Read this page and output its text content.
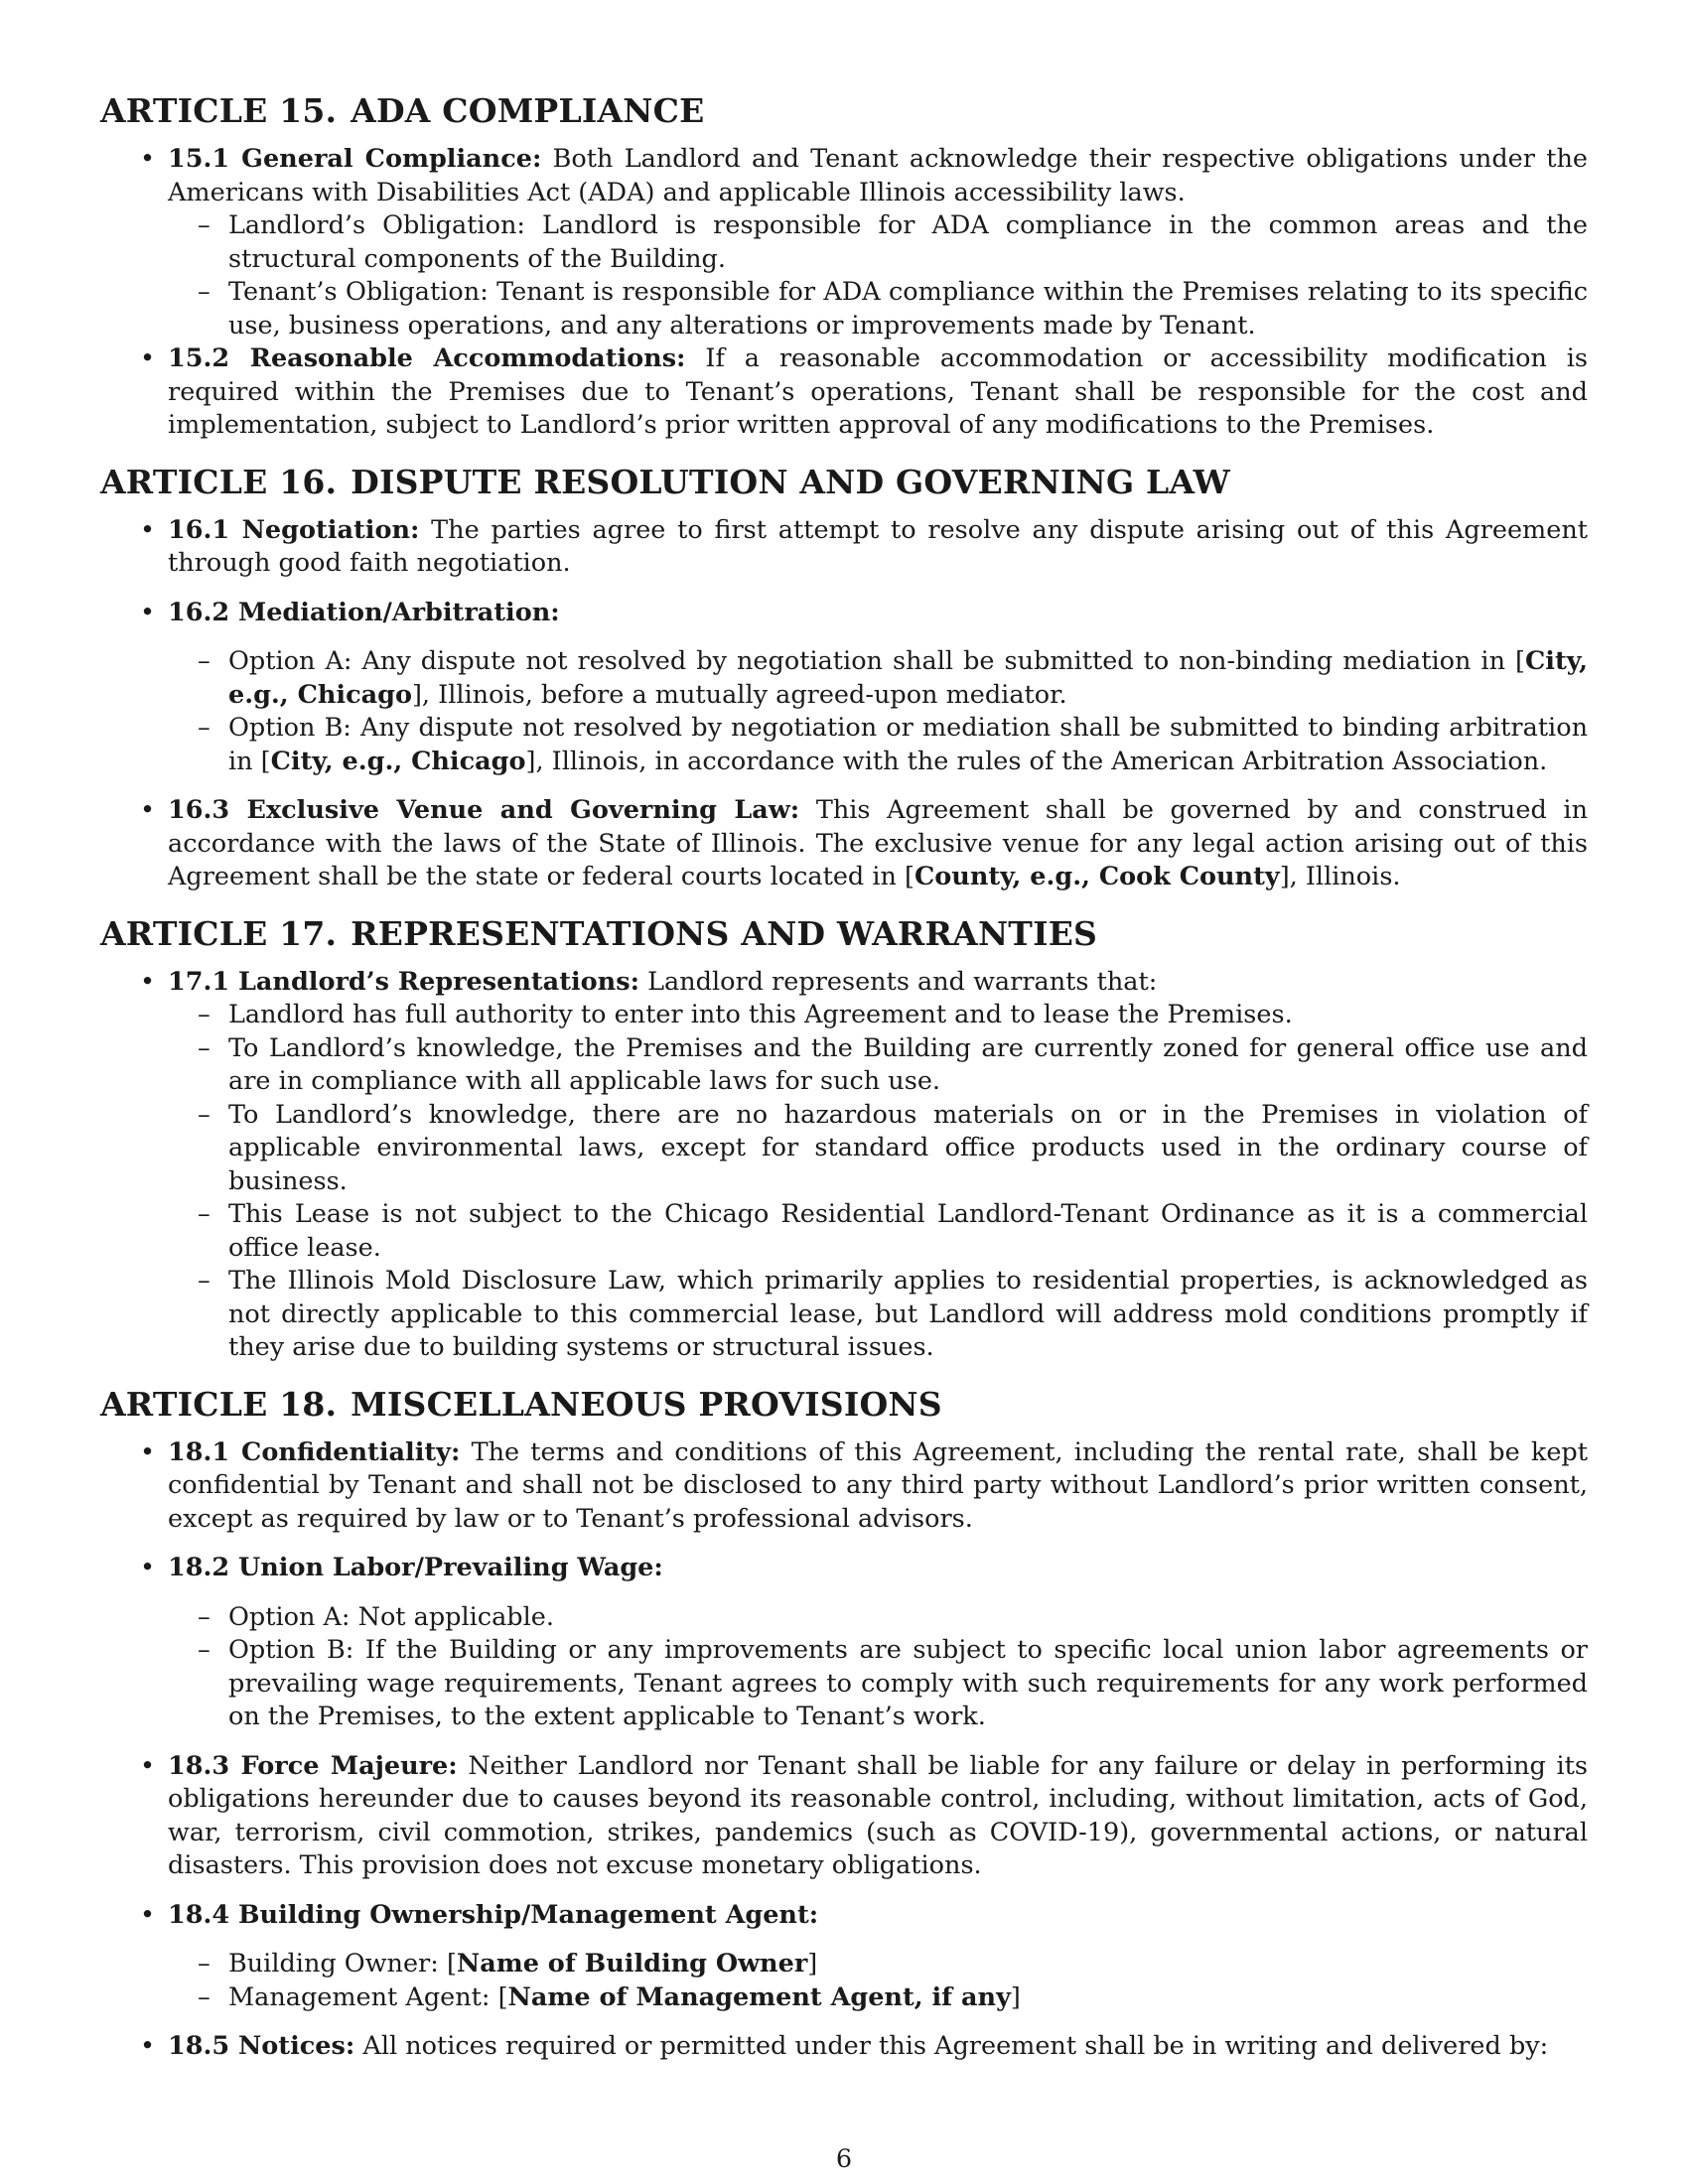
ARTICLE 15. ADA COMPLIANCE
• 15.1 General Compliance: Both Landlord and Tenant acknowledge their respective obligations under the Americans with Disabilities Act (ADA) and applicable Illinois accessibility laws.
– Landlord’s Obligation: Landlord is responsible for ADA compliance in the common areas and the structural components of the Building.
– Tenant’s Obligation: Tenant is responsible for ADA compliance within the Premises relating to its specific use, business operations, and any alterations or improvements made by Tenant.
• 15.2 Reasonable Accommodations: If a reasonable accommodation or accessibility modification is required within the Premises due to Tenant’s operations, Tenant shall be responsible for the cost and implementation, subject to Landlord’s prior written approval of any modifications to the Premises.
ARTICLE 16. DISPUTE RESOLUTION AND GOVERNING LAW
• 16.1 Negotiation: The parties agree to first attempt to resolve any dispute arising out of this Agreement through good faith negotiation.
• 16.2 Mediation/Arbitration:
– Option A: Any dispute not resolved by negotiation shall be submitted to non-binding mediation in [City, e.g., Chicago], Illinois, before a mutually agreed-upon mediator.
– Option B: Any dispute not resolved by negotiation or mediation shall be submitted to binding arbitration in [City, e.g., Chicago], Illinois, in accordance with the rules of the American Arbitration Association.
• 16.3 Exclusive Venue and Governing Law: This Agreement shall be governed by and construed in accordance with the laws of the State of Illinois. The exclusive venue for any legal action arising out of this Agreement shall be the state or federal courts located in [County, e.g., Cook County], Illinois.
ARTICLE 17. REPRESENTATIONS AND WARRANTIES
• 17.1 Landlord’s Representations: Landlord represents and warrants that:
– Landlord has full authority to enter into this Agreement and to lease the Premises.
– To Landlord’s knowledge, the Premises and the Building are currently zoned for general office use and are in compliance with all applicable laws for such use.
– To Landlord’s knowledge, there are no hazardous materials on or in the Premises in violation of applicable environmental laws, except for standard office products used in the ordinary course of business.
– This Lease is not subject to the Chicago Residential Landlord-Tenant Ordinance as it is a commercial office lease.
– The Illinois Mold Disclosure Law, which primarily applies to residential properties, is acknowledged as not directly applicable to this commercial lease, but Landlord will address mold conditions promptly if they arise due to building systems or structural issues.
ARTICLE 18. MISCELLANEOUS PROVISIONS
• 18.1 Confidentiality: The terms and conditions of this Agreement, including the rental rate, shall be kept confidential by Tenant and shall not be disclosed to any third party without Landlord’s prior written consent, except as required by law or to Tenant’s professional advisors.
• 18.2 Union Labor/Prevailing Wage:
– Option A: Not applicable.
– Option B: If the Building or any improvements are subject to specific local union labor agreements or prevailing wage requirements, Tenant agrees to comply with such requirements for any work performed on the Premises, to the extent applicable to Tenant’s work.
• 18.3 Force Majeure: Neither Landlord nor Tenant shall be liable for any failure or delay in performing its obligations hereunder due to causes beyond its reasonable control, including, without limitation, acts of God, war, terrorism, civil commotion, strikes, pandemics (such as COVID-19), governmental actions, or natural disasters. This provision does not excuse monetary obligations.
• 18.4 Building Ownership/Management Agent:
– Building Owner: [Name of Building Owner]
– Management Agent: [Name of Management Agent, if any]
• 18.5 Notices: All notices required or permitted under this Agreement shall be in writing and delivered by:
6
